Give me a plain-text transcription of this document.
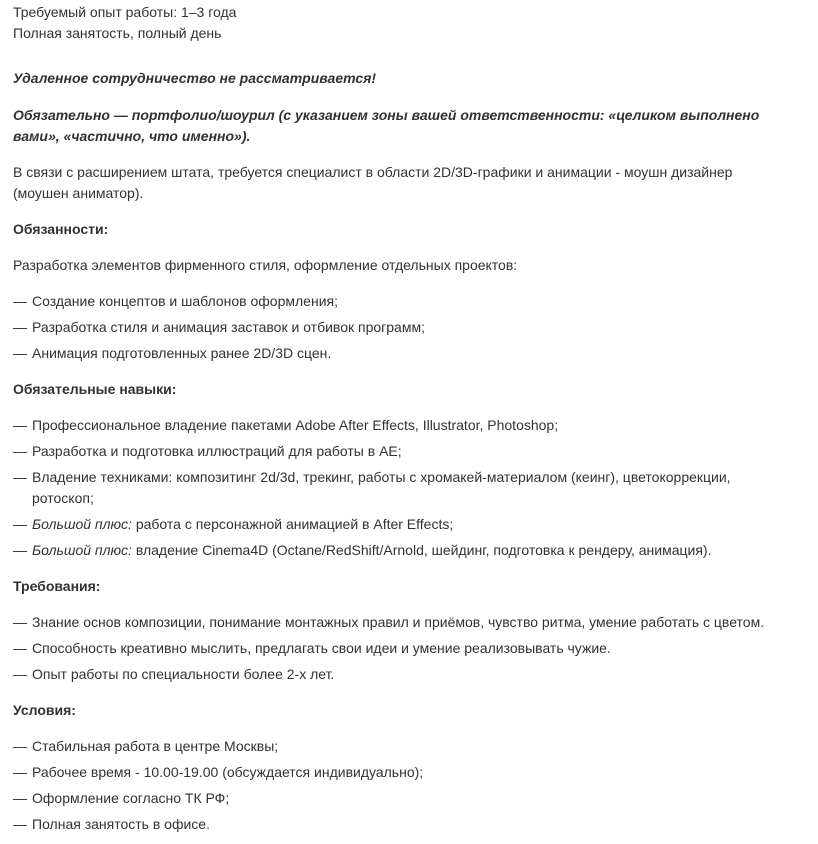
Требуемый опыт работы: 1–3 года

Полная занятость, полный день

Удаленное сотрудничество не рассматривается!

Обязательно — портфолио/шоурил (с указанием зоны вашей ответственности: «целиком выполнено вами», «частично, что именно»).

В связи с расширением штата, требуется специалист в области 2D/3D-графики и анимации - моушн дизайнер (моушен аниматор).

Обязанности:

Разработка элементов фирменного стиля, оформление отдельных проектов:

— Создание концептов и шаблонов оформления;
— Разработка стиля и анимация заставок и отбивок программ;
— Анимация подготовленных ранее 2D/3D сцен.

Обязательные навыки:

— Профессиональное владение пакетами Adobe After Effects, Illustrator, Photoshop;
— Разработка и подготовка иллюстраций для работы в AE;
— Владение техниками: композитинг 2d/3d, трекинг, работы с хромакей-материалом (кеинг), цветокоррекции, ротоскоп;
— Большой плюс: работа с персонажной анимацией в After Effects;
— Большой плюс: владение Cinema4D (Octane/RedShift/Arnold, шейдинг, подготовка к рендеру, анимация).

Требования:

— Знание основ композиции, понимание монтажных правил и приёмов, чувство ритма, умение работать с цветом.
— Способность креативно мыслить, предлагать свои идеи и умение реализовывать чужие.
— Опыт работы по специальности более 2-х лет.

Условия:

— Стабильная работа в центре Москвы;
— Рабочее время - 10.00-19.00 (обсуждается индивидуально);
— Оформление согласно ТК РФ;
— Полная занятость в офисе.
